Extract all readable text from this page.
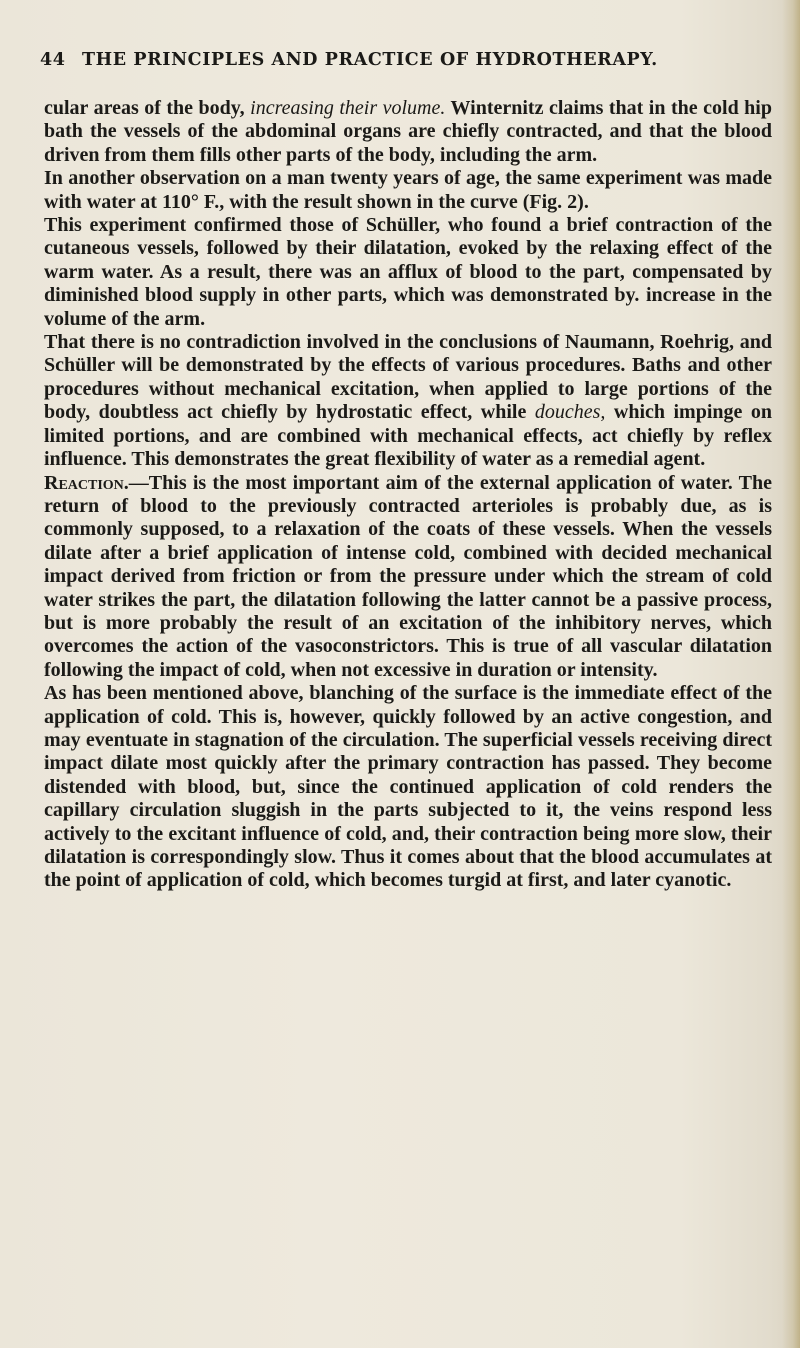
44 THE PRINCIPLES AND PRACTICE OF HYDROTHERAPY.

cular areas of the body, increasing their volume. Winternitz claims that in the cold hip bath the vessels of the abdominal organs are chiefly contracted, and that the blood driven from them fills other parts of the body, including the arm.

In another observation on a man twenty years of age, the same experiment was made with water at 110° F., with the result shown in the curve (Fig. 2).

This experiment confirmed those of Schüller, who found a brief contraction of the cutaneous vessels, followed by their dilatation, evoked by the relaxing effect of the warm water. As a result, there was an afflux of blood to the part, compensated by diminished blood supply in other parts, which was demonstrated by. increase in the volume of the arm.

That there is no contradiction involved in the conclusions of Naumann, Roehrig, and Schüller will be demonstrated by the effects of various procedures. Baths and other procedures without mechanical excitation, when applied to large portions of the body, doubtless act chiefly by hydrostatic effect, while douches, which impinge on limited portions, and are combined with mechanical effects, act chiefly by reflex influence. This demonstrates the great flexibility of water as a remedial agent.

Reaction.—This is the most important aim of the external application of water. The return of blood to the previously contracted arterioles is probably due, as is commonly supposed, to a relaxation of the coats of these vessels. When the vessels dilate after a brief application of intense cold, combined with decided mechanical impact derived from friction or from the pressure under which the stream of cold water strikes the part, the dilatation following the latter cannot be a passive process, but is more probably the result of an excitation of the inhibitory nerves, which overcomes the action of the vasoconstrictors. This is true of all vascular dilatation following the impact of cold, when not excessive in duration or intensity.

As has been mentioned above, blanching of the surface is the immediate effect of the application of cold. This is, however, quickly followed by an active congestion, and may eventuate in stagnation of the circulation. The superficial vessels receiving direct impact dilate most quickly after the primary contraction has passed. They become distended with blood, but, since the continued application of cold renders the capillary circulation sluggish in the parts subjected to it, the veins respond less actively to the excitant influence of cold, and, their contraction being more slow, their dilatation is correspondingly slow. Thus it comes about that the blood accumulates at the point of application of cold, which becomes turgid at first, and later cyanotic.
